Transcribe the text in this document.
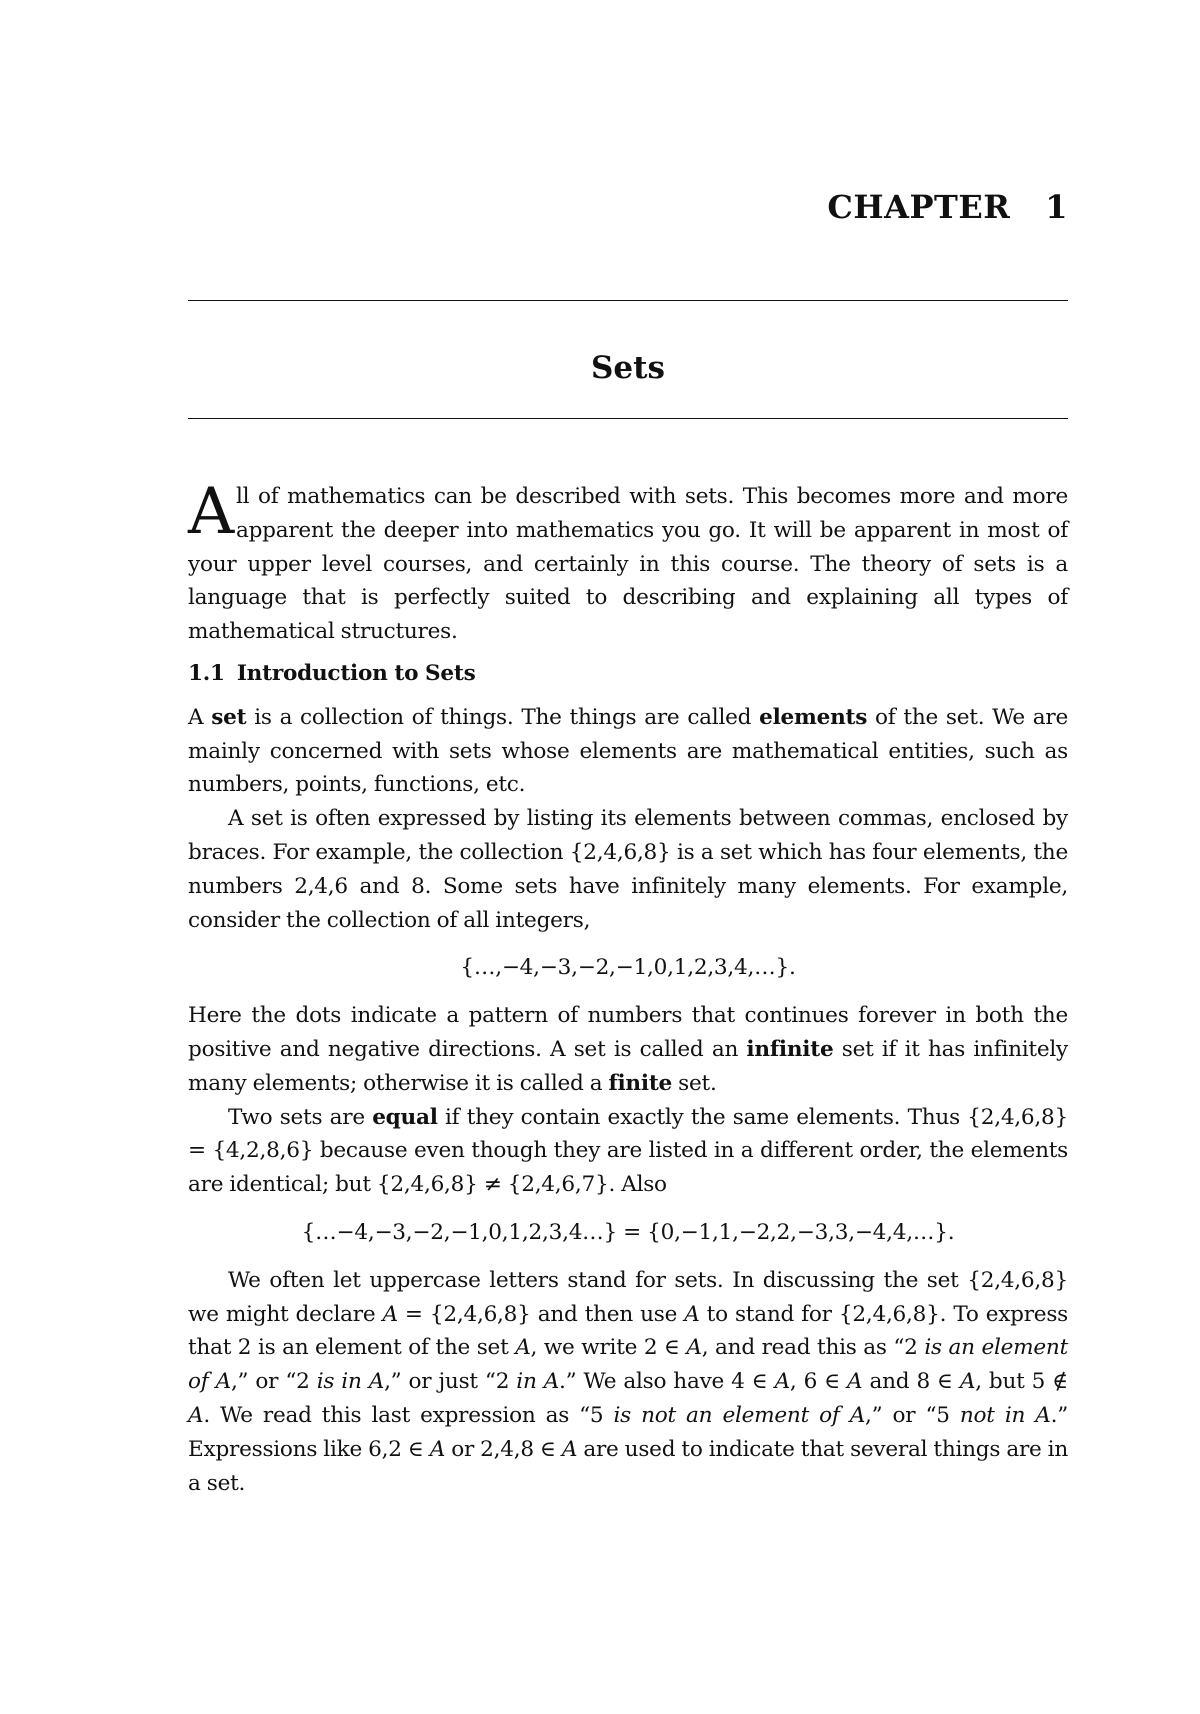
CHAPTER 1
Sets

All of mathematics can be described with sets. This becomes more and more apparent the deeper into mathematics you go. It will be apparent in most of your upper level courses, and certainly in this course. The theory of sets is a language that is perfectly suited to describing and explaining all types of mathematical structures.

1.1 Introduction to Sets

A set is a collection of things. The things are called elements of the set. We are mainly concerned with sets whose elements are mathematical entities, such as numbers, points, functions, etc.

A set is often expressed by listing its elements between commas, enclosed by braces. For example, the collection {2,4,6,8} is a set which has four elements, the numbers 2,4,6 and 8. Some sets have infinitely many elements. For example, consider the collection of all integers,

{…,−4,−3,−2,−1,0,1,2,3,4,…}.

Here the dots indicate a pattern of numbers that continues forever in both the positive and negative directions. A set is called an infinite set if it has infinitely many elements; otherwise it is called a finite set.

Two sets are equal if they contain exactly the same elements. Thus {2,4,6,8} = {4,2,8,6} because even though they are listed in a different order, the elements are identical; but {2,4,6,8} ≠ {2,4,6,7}. Also

{…−4,−3,−2,−1,0,1,2,3,4…} = {0,−1,1,−2,2,−3,3,−4,4,…}.

We often let uppercase letters stand for sets. In discussing the set {2,4,6,8} we might declare A = {2,4,6,8} and then use A to stand for {2,4,6,8}. To express that 2 is an element of the set A, we write 2 ∈ A, and read this as “2 is an element of A,” or “2 is in A,” or just “2 in A.” We also have 4 ∈ A, 6 ∈ A and 8 ∈ A, but 5 ∉ A. We read this last expression as “5 is not an element of A,” or “5 not in A.” Expressions like 6,2 ∈ A or 2,4,8 ∈ A are used to indicate that several things are in a set.
